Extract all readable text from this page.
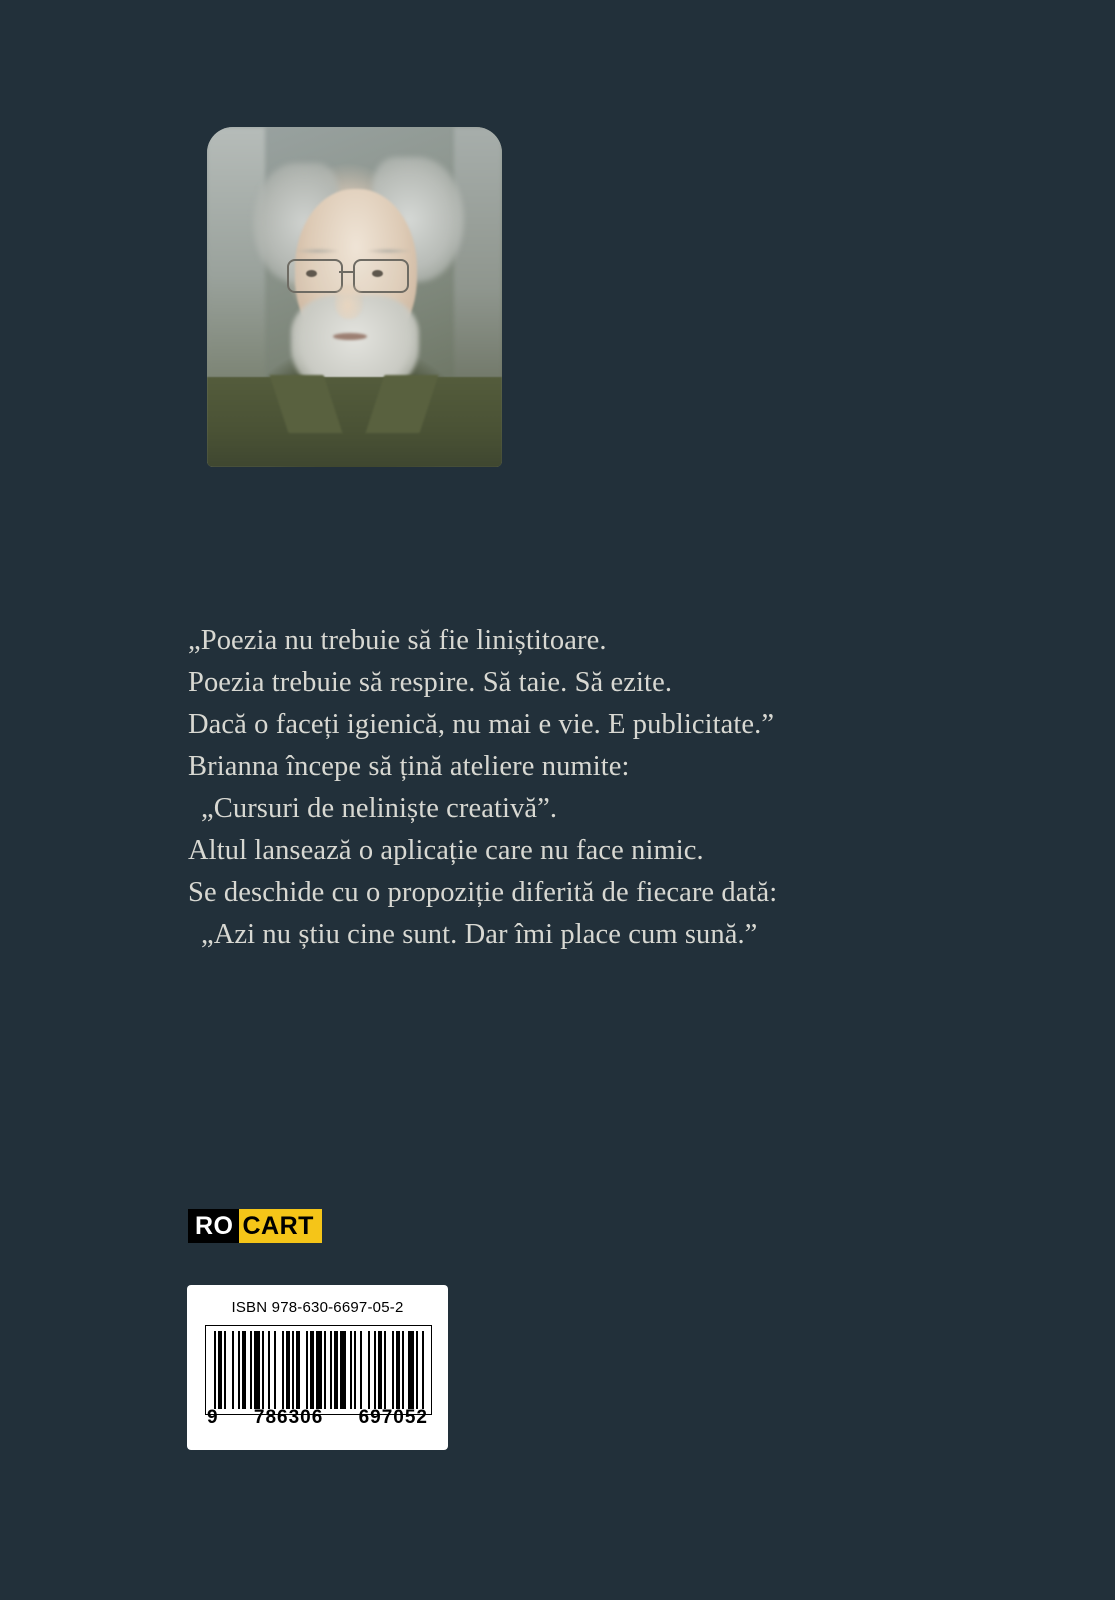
„Poezia nu trebuie să fie liniștitoare.
Poezia trebuie să respire. Să taie. Să ezite.
Dacă o faceți igienică, nu mai e vie. E publicitate.”
Brianna începe să țină ateliere numite:
„Cursuri de neliniște creativă”.
Altul lansează o aplicație care nu face nimic.
Se deschide cu o propoziție diferită de fiecare dată:
„Azi nu știu cine sunt. Dar îmi place cum sună.”
RO CART
ISBN 978-630-6697-05-2
9 786306 697052
